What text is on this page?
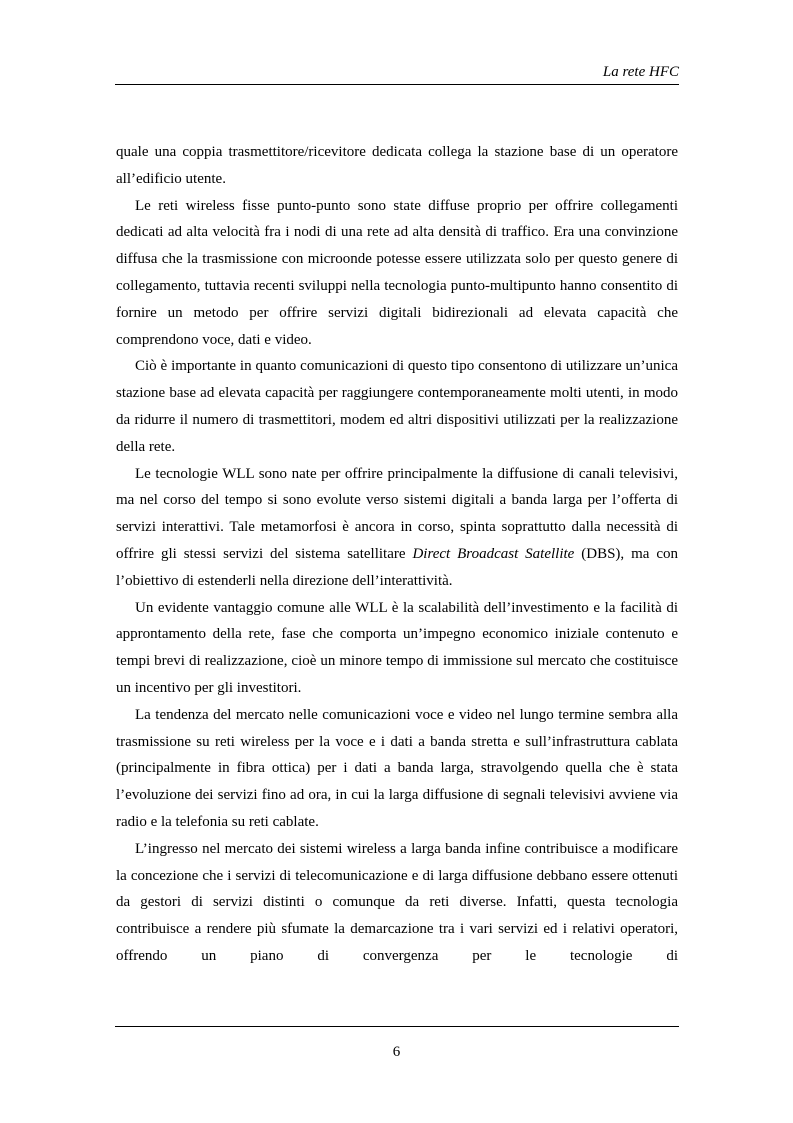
La rete HFC

quale una coppia trasmettitore/ricevitore dedicata collega la stazione base di un operatore all’edificio utente.

Le reti wireless fisse punto-punto sono state diffuse proprio per offrire collegamenti dedicati ad alta velocità fra i nodi di una rete ad alta densità di traffico. Era una convinzione diffusa che la trasmissione con microonde potesse essere utilizzata solo per questo genere di collegamento, tuttavia recenti sviluppi nella tecnologia punto-multipunto hanno consentito di fornire un metodo per offrire servizi digitali bidirezionali ad elevata capacità che comprendono voce, dati e video.

Ciò è importante in quanto comunicazioni di questo tipo consentono di utilizzare un’unica stazione base ad elevata capacità per raggiungere contemporaneamente molti utenti, in modo da ridurre il numero di trasmettitori, modem ed altri dispositivi utilizzati per la realizzazione della rete.

Le tecnologie WLL sono nate per offrire principalmente la diffusione di canali televisivi, ma nel corso del tempo si sono evolute verso sistemi digitali a banda larga per l’offerta di servizi interattivi. Tale metamorfosi è ancora in corso, spinta soprattutto dalla necessità di offrire gli stessi servizi del sistema satellitare Direct Broadcast Satellite (DBS), ma con l’obiettivo di estenderli nella direzione dell’interattività.

Un evidente vantaggio comune alle WLL è la scalabilità dell’investimento e la facilità di approntamento della rete, fase che comporta un’impegno economico iniziale contenuto e tempi brevi di realizzazione, cioè un minore tempo di immissione sul mercato che costituisce un incentivo per gli investitori.

La tendenza del mercato nelle comunicazioni voce e video nel lungo termine sembra alla trasmissione su reti wireless per la voce e i dati a banda stretta e sull’infrastruttura cablata (principalmente in fibra ottica) per i dati a banda larga, stravolgendo quella che è stata l’evoluzione dei servizi fino ad ora, in cui la larga diffusione di segnali televisivi avviene via radio e la telefonia su reti cablate.

L’ingresso nel mercato dei sistemi wireless a larga banda infine contribuisce a modificare la concezione che i servizi di telecomunicazione e di larga diffusione debbano essere ottenuti da gestori di servizi distinti o comunque da reti diverse. Infatti, questa tecnologia contribuisce a rendere più sfumate la demarcazione tra i vari servizi ed i relativi operatori, offrendo un piano di convergenza per le tecnologie di

6
